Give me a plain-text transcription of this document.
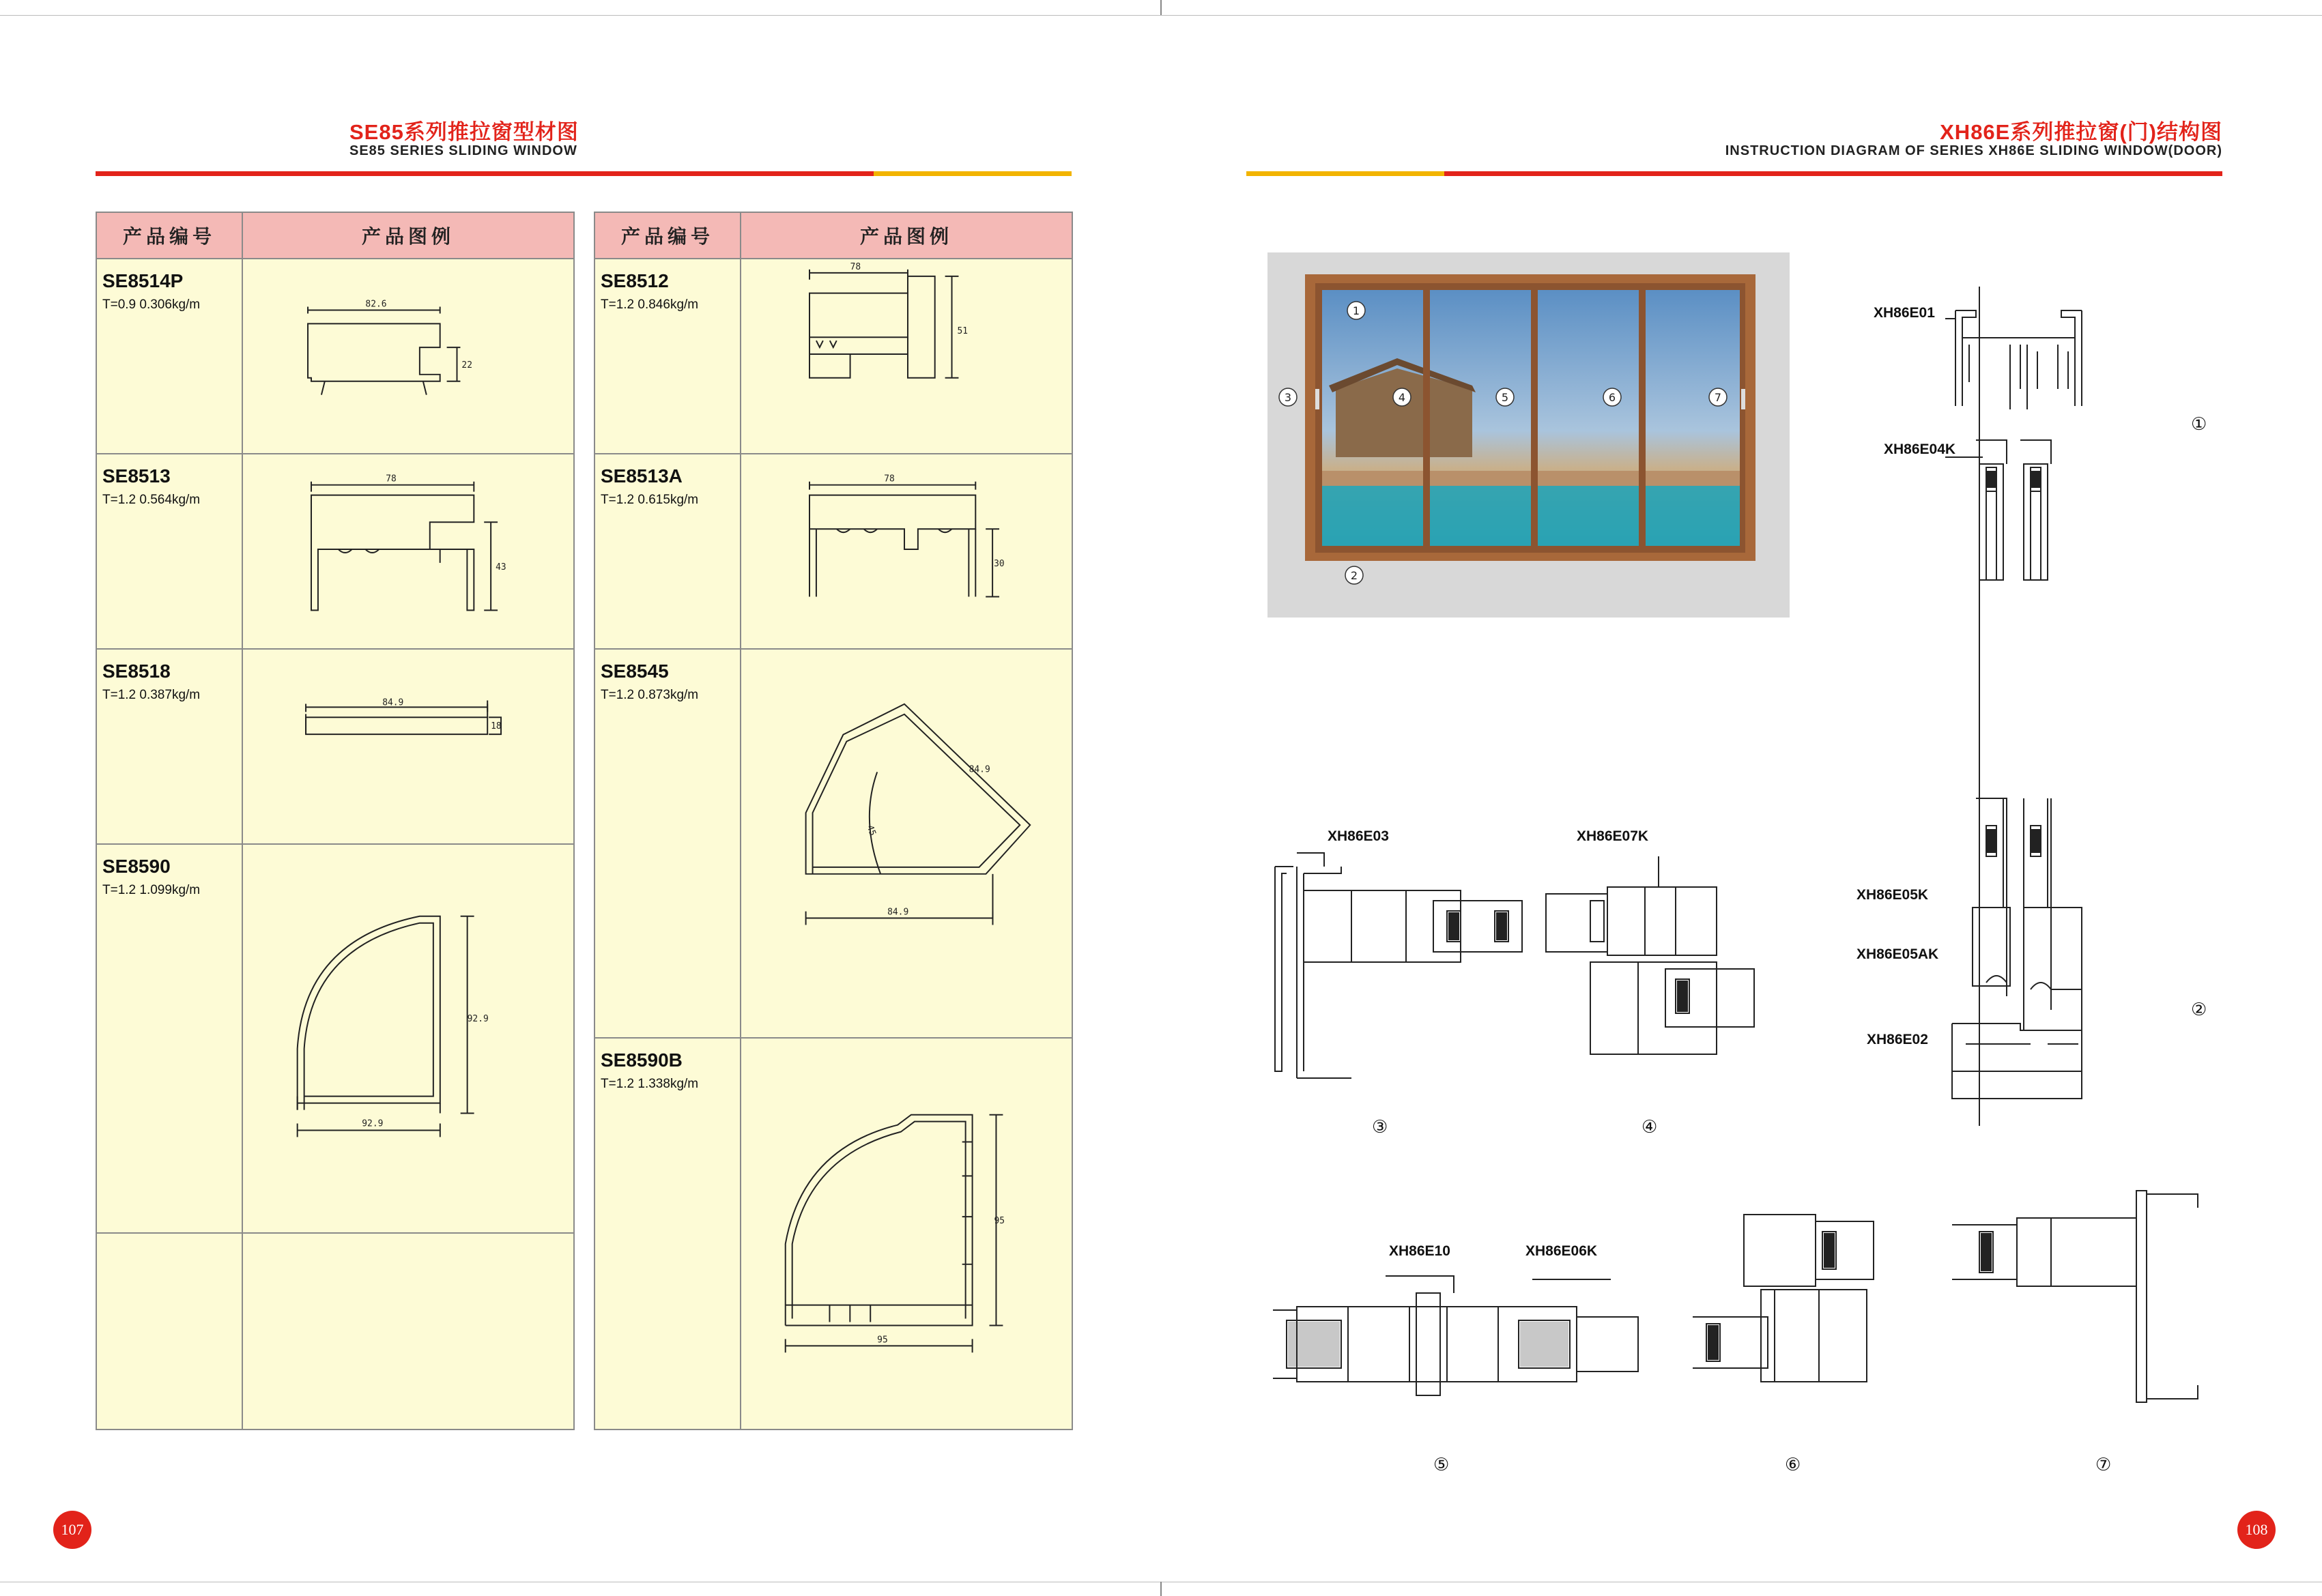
SE85系列推拉窗型材图
SE85 SERIES SLIDING WINDOW
XH86E系列推拉窗(门)结构图
INSTRUCTION DIAGRAM OF SERIES XH86E SLIDING WINDOW(DOOR)
产品编号	产品图例

SE8514P
T=0.9 0.306kg/m	82.6
22

SE8513
T=1.2 0.564kg/m	78
43

SE8518
T=1.2 0.387kg/m	84.9
18

SE8590
T=1.2 1.099kg/m	92.9
92.9

产品编号	产品图例

SE8512
T=1.2 0.846kg/m	78
51

SE8513A
T=1.2 0.615kg/m	78
30

SE8545
T=1.2 0.873kg/m	84.9
84.9
45

SE8590B
T=1.2 1.338kg/m	95
95
1
2
3	4	5	6	7
XH86E01
XH86E04K
XH86E03	XH86E07K
XH86E05K
XH86E05AK
XH86E02
XH86E10	XH86E06K
①
②
③	④
⑤	⑥	⑦
107	108
